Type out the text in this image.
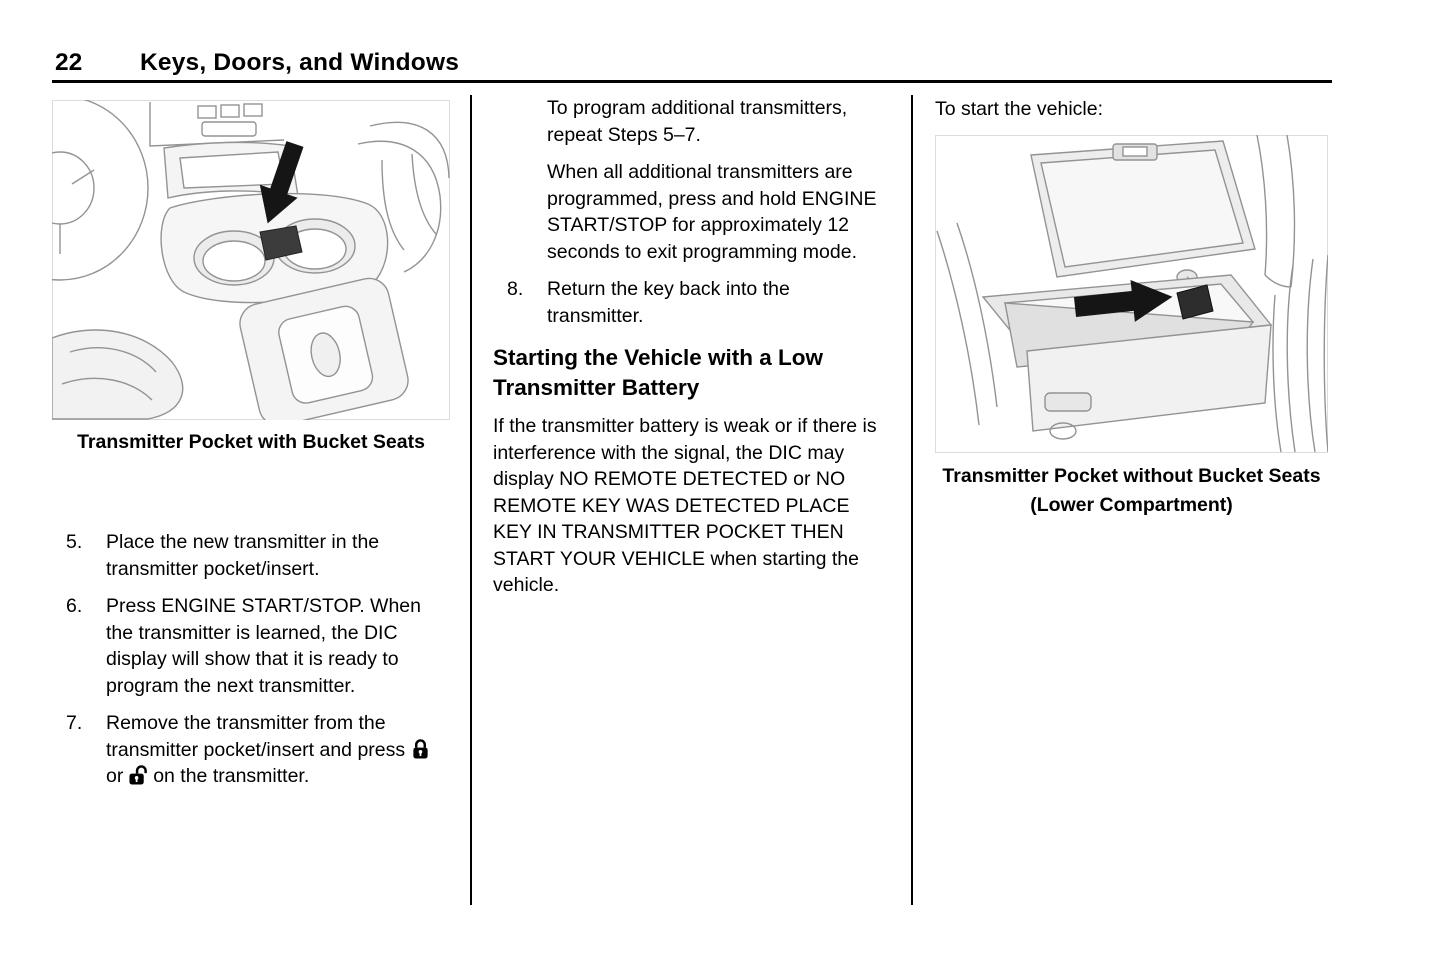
22 Keys, Doors, and Windows
Transmitter Pocket with Bucket Seats
5. Place the new transmitter in the transmitter pocket/insert.
6. Press ENGINE START/STOP. When the transmitter is learned, the DIC display will show that it is ready to program the next transmitter.
7. Remove the transmitter from the transmitter pocket/insert and press  or on the transmitter.

To program additional transmitters, repeat Steps 5–7.

When all additional transmitters are programmed, press and hold ENGINE START/STOP for approximately 12 seconds to exit programming mode.

8. Return the key back into the transmitter.
Starting the Vehicle with a Low Transmitter Battery

If the transmitter battery is weak or if there is interference with the signal, the DIC may display NO REMOTE DETECTED or NO REMOTE KEY WAS DETECTED PLACE KEY IN TRANSMITTER POCKET THEN START YOUR VEHICLE when starting the vehicle.

To start the vehicle:

Transmitter Pocket without Bucket Seats (Lower Compartment)
